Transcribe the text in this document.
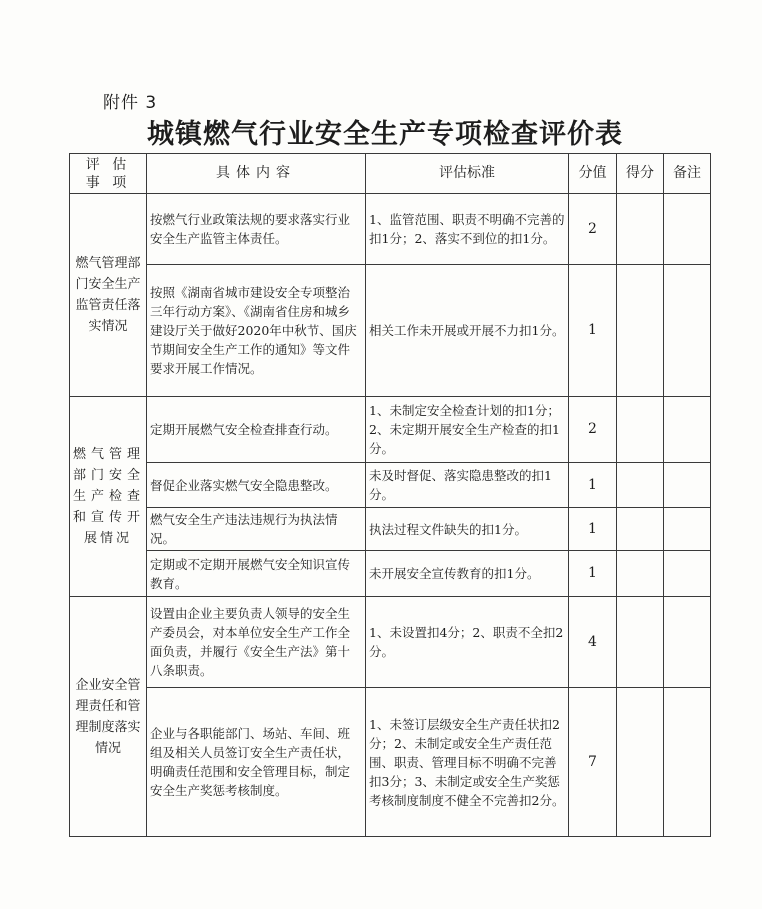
附件 3
城镇燃气行业安全生产专项检查评价表
评 估
事 项	具体内容	评估标准	分值	得分	备注
燃气管理部门安全生产监管责任落实情况	按燃气行业政策法规的要求落实行业安全生产监管主体责任。	1、监管范围、职责不明确不完善的扣1分；2、落实不到位的扣1分。	2		
	按照《湖南省城市建设安全专项整治三年行动方案》、《湖南省住房和城乡建设厅关于做好2020年中秋节、国庆节期间安全生产工作的通知》等文件要求开展工作情况。	相关工作未开展或开展不力扣1分。	1		
燃气管理部门安全生产检查和宣传开展情况	定期开展燃气安全检查排查行动。	1、未制定安全检查计划的扣1分；2、未定期开展安全生产检查的扣1分。	2		
	督促企业落实燃气安全隐患整改。	未及时督促、落实隐患整改的扣1分。	1		
	燃气安全生产违法违规行为执法情况。	执法过程文件缺失的扣1分。	1		
	定期或不定期开展燃气安全知识宣传教育。	未开展安全宣传教育的扣1分。	1		
企业安全管理责任和管理制度落实情况	设置由企业主要负责人领导的安全生产委员会，对本单位安全生产工作全面负责，并履行《安全生产法》第十八条职责。	1、未设置扣4分；2、职责不全扣2分。	4		
	企业与各职能部门、场站、车间、班组及相关人员签订安全生产责任状，明确责任范围和安全管理目标，制定安全生产奖惩考核制度。	1、未签订层级安全生产责任状扣2分；2、未制定或安全生产责任范围、职责、管理目标不明确不完善扣3分；3、未制定或安全生产奖惩考核制度制度不健全不完善扣2分。	7		
